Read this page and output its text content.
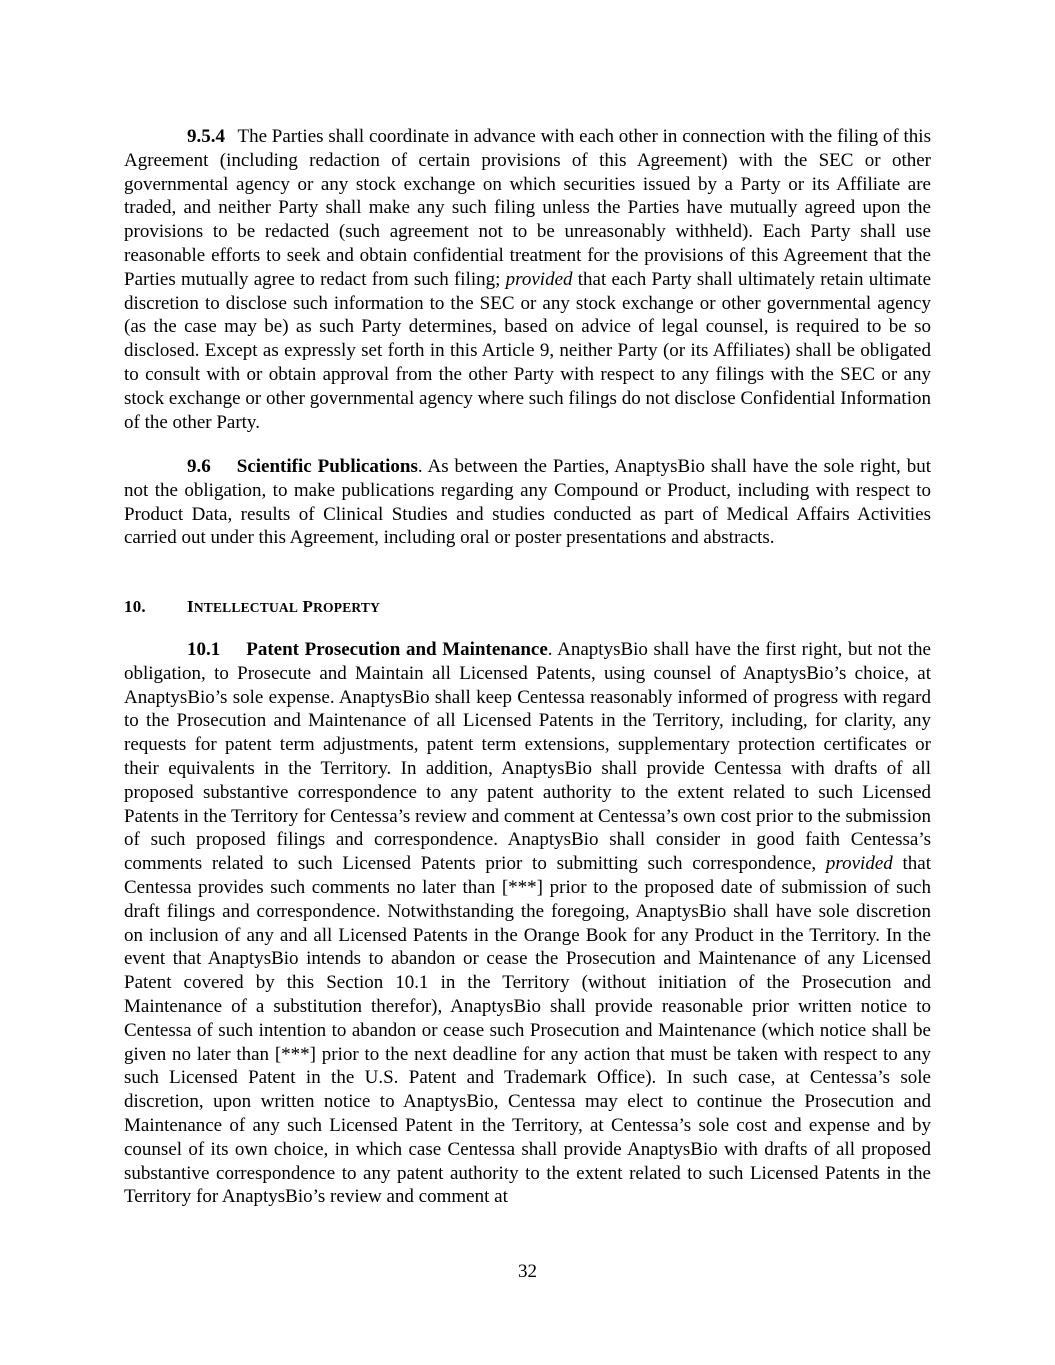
9.5.4 The Parties shall coordinate in advance with each other in connection with the filing of this Agreement (including redaction of certain provisions of this Agreement) with the SEC or other governmental agency or any stock exchange on which securities issued by a Party or its Affiliate are traded, and neither Party shall make any such filing unless the Parties have mutually agreed upon the provisions to be redacted (such agreement not to be unreasonably withheld). Each Party shall use reasonable efforts to seek and obtain confidential treatment for the provisions of this Agreement that the Parties mutually agree to redact from such filing; provided that each Party shall ultimately retain ultimate discretion to disclose such information to the SEC or any stock exchange or other governmental agency (as the case may be) as such Party determines, based on advice of legal counsel, is required to be so disclosed. Except as expressly set forth in this Article 9, neither Party (or its Affiliates) shall be obligated to consult with or obtain approval from the other Party with respect to any filings with the SEC or any stock exchange or other governmental agency where such filings do not disclose Confidential Information of the other Party.

9.6 Scientific Publications. As between the Parties, AnaptysBio shall have the sole right, but not the obligation, to make publications regarding any Compound or Product, including with respect to Product Data, results of Clinical Studies and studies conducted as part of Medical Affairs Activities carried out under this Agreement, including oral or poster presentations and abstracts.

10. INTELLECTUAL PROPERTY

10.1 Patent Prosecution and Maintenance. AnaptysBio shall have the first right, but not the obligation, to Prosecute and Maintain all Licensed Patents, using counsel of AnaptysBio’s choice, at AnaptysBio’s sole expense. AnaptysBio shall keep Centessa reasonably informed of progress with regard to the Prosecution and Maintenance of all Licensed Patents in the Territory, including, for clarity, any requests for patent term adjustments, patent term extensions, supplementary protection certificates or their equivalents in the Territory. In addition, AnaptysBio shall provide Centessa with drafts of all proposed substantive correspondence to any patent authority to the extent related to such Licensed Patents in the Territory for Centessa’s review and comment at Centessa’s own cost prior to the submission of such proposed filings and correspondence. AnaptysBio shall consider in good faith Centessa’s comments related to such Licensed Patents prior to submitting such correspondence, provided that Centessa provides such comments no later than [***] prior to the proposed date of submission of such draft filings and correspondence. Notwithstanding the foregoing, AnaptysBio shall have sole discretion on inclusion of any and all Licensed Patents in the Orange Book for any Product in the Territory. In the event that AnaptysBio intends to abandon or cease the Prosecution and Maintenance of any Licensed Patent covered by this Section 10.1 in the Territory (without initiation of the Prosecution and Maintenance of a substitution therefor), AnaptysBio shall provide reasonable prior written notice to Centessa of such intention to abandon or cease such Prosecution and Maintenance (which notice shall be given no later than [***] prior to the next deadline for any action that must be taken with respect to any such Licensed Patent in the U.S. Patent and Trademark Office). In such case, at Centessa’s sole discretion, upon written notice to AnaptysBio, Centessa may elect to continue the Prosecution and Maintenance of any such Licensed Patent in the Territory, at Centessa’s sole cost and expense and by counsel of its own choice, in which case Centessa shall provide AnaptysBio with drafts of all proposed substantive correspondence to any patent authority to the extent related to such Licensed Patents in the Territory for AnaptysBio’s review and comment at

32
